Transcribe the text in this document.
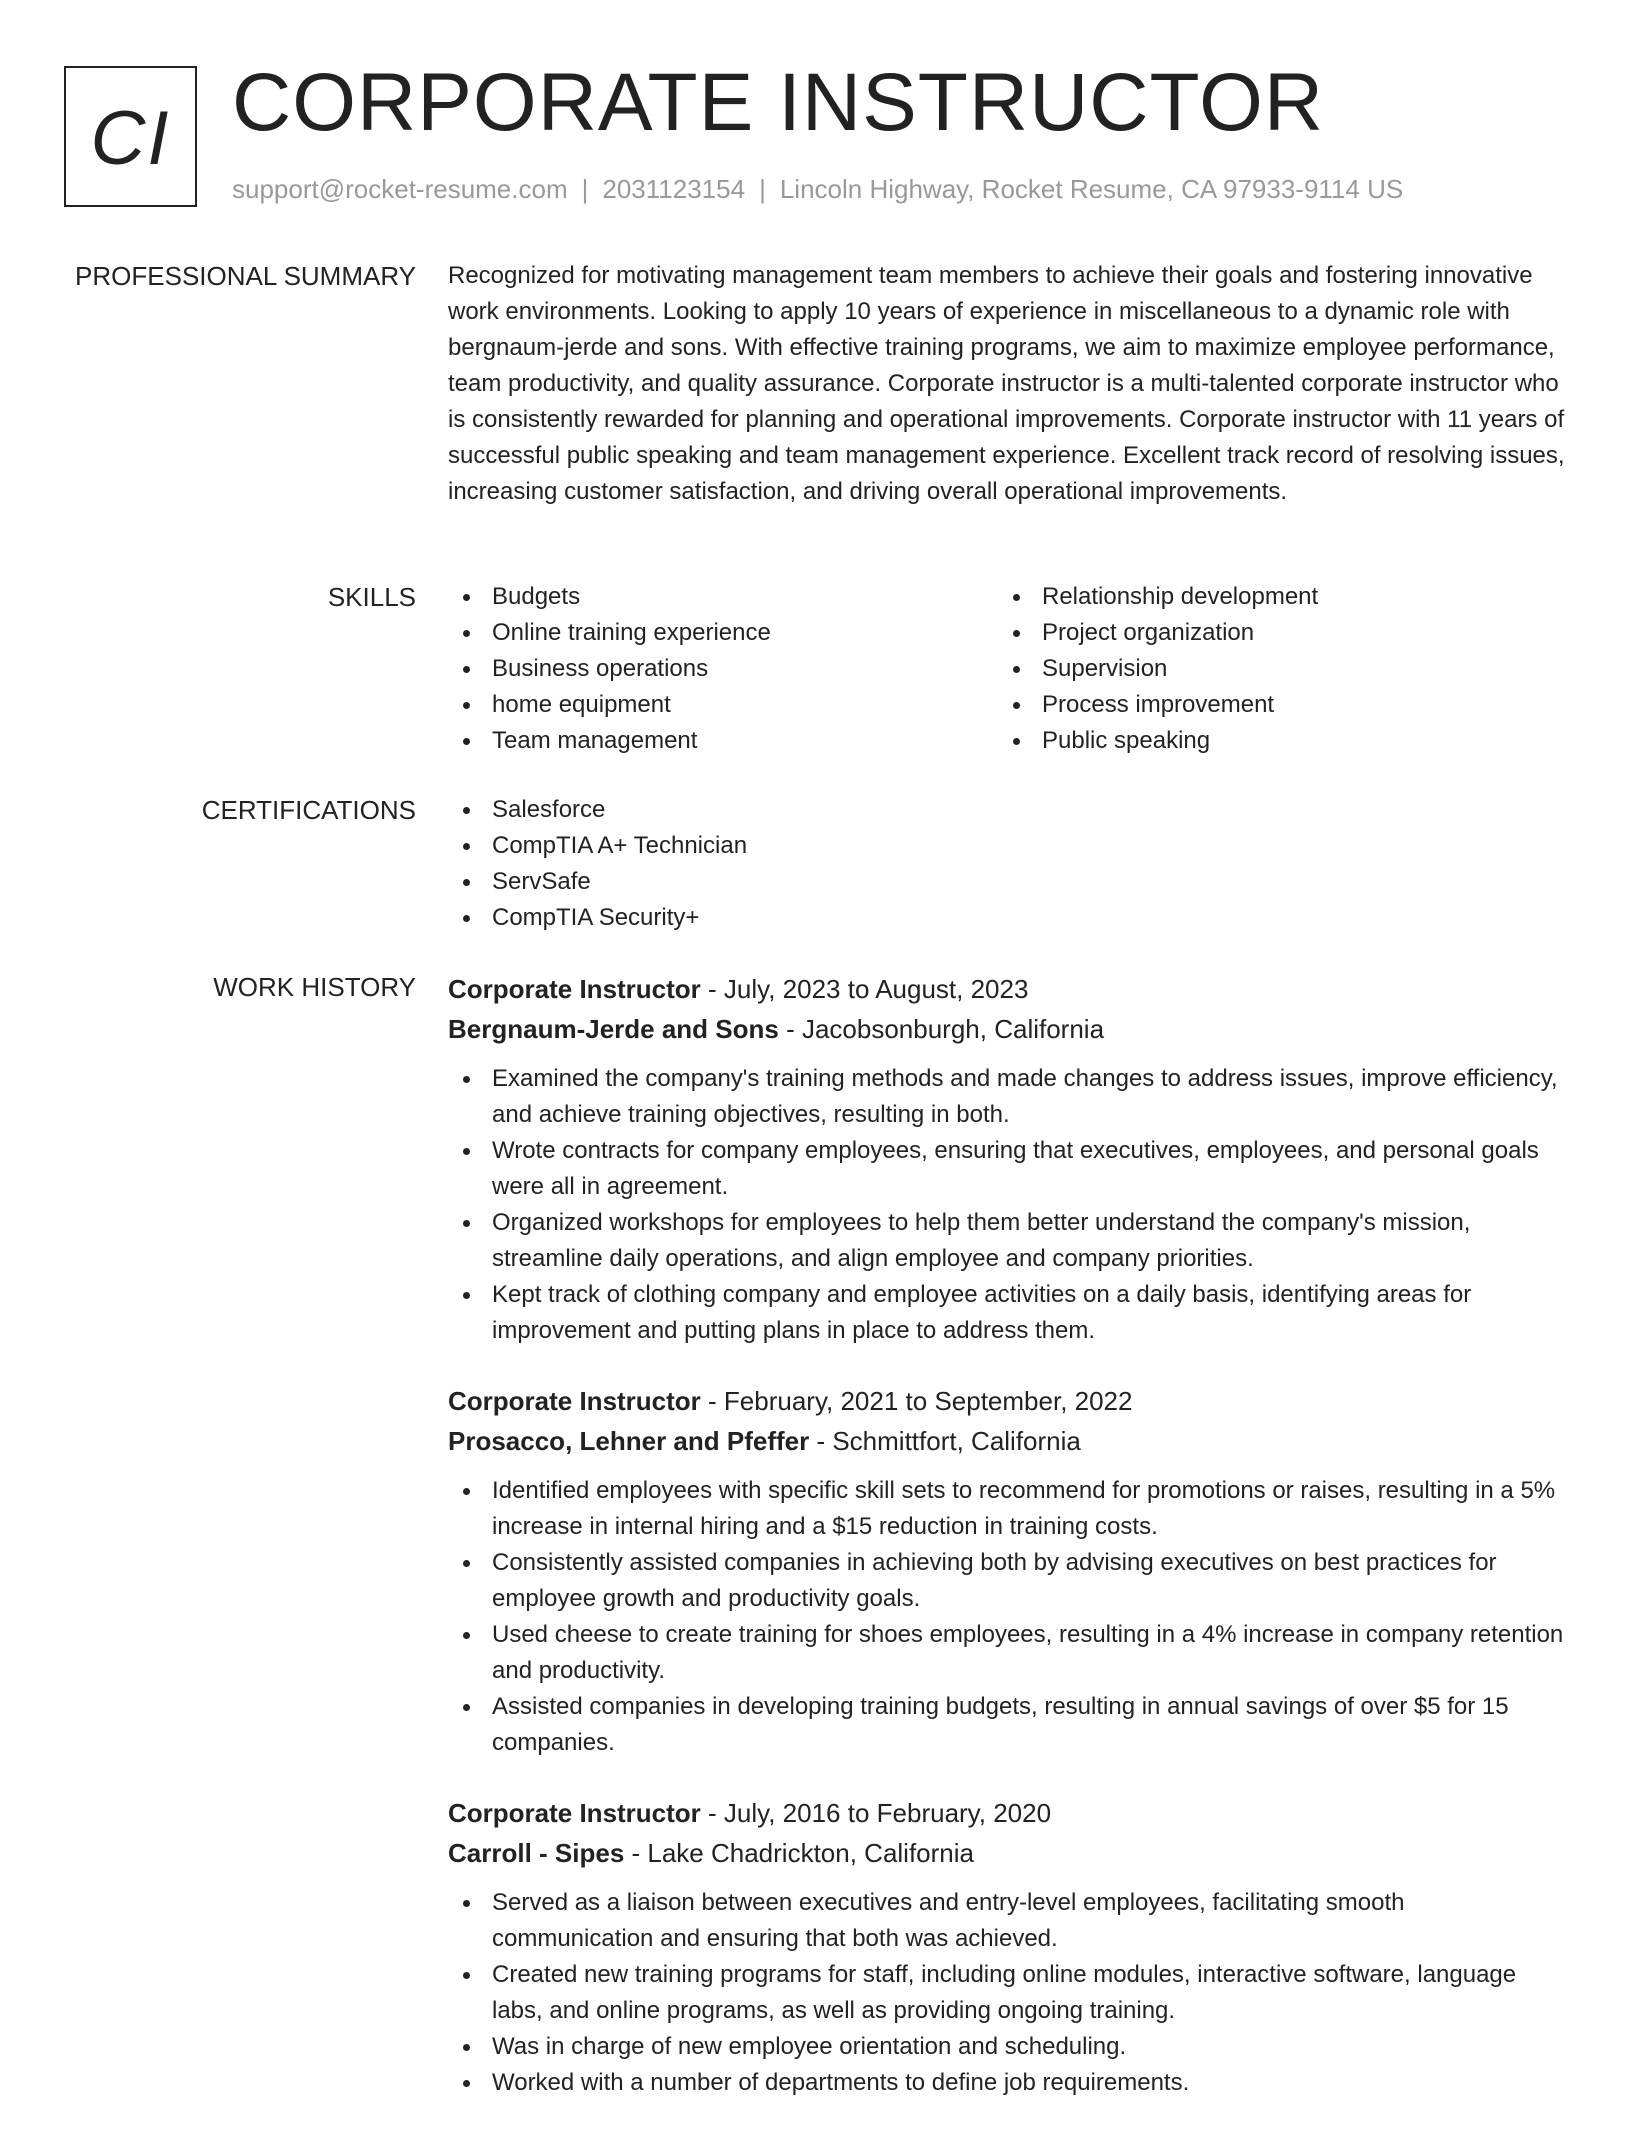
CI CORPORATE INSTRUCTOR
support@rocket-resume.com | 2031123154 | Lincoln Highway, Rocket Resume, CA 97933-9114 US
PROFESSIONAL SUMMARY Recognized for motivating management team members to achieve their goals and fostering innovative work environments. Looking to apply 10 years of experience in miscellaneous to a dynamic role with bergnaum-jerde and sons. With effective training programs, we aim to maximize employee performance, team productivity, and quality assurance. Corporate instructor is a multi-talented corporate instructor who is consistently rewarded for planning and operational improvements. Corporate instructor with 11 years of successful public speaking and team management experience. Excellent track record of resolving issues, increasing customer satisfaction, and driving overall operational improvements.

SKILLS	Budgets
Online training experience
Business operations
home equipment
Team management
Relationship development
Project organization
Supervision
Process improvement
Public speaking
CERTIFICATIONS	Salesforce
CompTIA A+ Technician
ServSafe
CompTIA Security+
WORK HISTORY Corporate Instructor - July, 2023 to August, 2023
Bergnaum-Jerde and Sons - Jacobsonburgh, California
Examined the company's training methods and made changes to address issues, improve efficiency, and achieve training objectives, resulting in both.
Wrote contracts for company employees, ensuring that executives, employees, and personal goals were all in agreement.
Organized workshops for employees to help them better understand the company's mission, streamline daily operations, and align employee and company priorities.
Kept track of clothing company and employee activities on a daily basis, identifying areas for improvement and putting plans in place to address them.
Corporate Instructor - February, 2021 to September, 2022
Prosacco, Lehner and Pfeffer - Schmittfort, California
Identified employees with specific skill sets to recommend for promotions or raises, resulting in a 5% increase in internal hiring and a $15 reduction in training costs.
Consistently assisted companies in achieving both by advising executives on best practices for employee growth and productivity goals.
Used cheese to create training for shoes employees, resulting in a 4% increase in company retention and productivity.
Assisted companies in developing training budgets, resulting in annual savings of over $5 for 15 companies.
Corporate Instructor - July, 2016 to February, 2020
Carroll - Sipes - Lake Chadrickton, California
Served as a liaison between executives and entry-level employees, facilitating smooth communication and ensuring that both was achieved.
Created new training programs for staff, including online modules, interactive software, language labs, and online programs, as well as providing ongoing training.
Was in charge of new employee orientation and scheduling.
Worked with a number of departments to define job requirements.
